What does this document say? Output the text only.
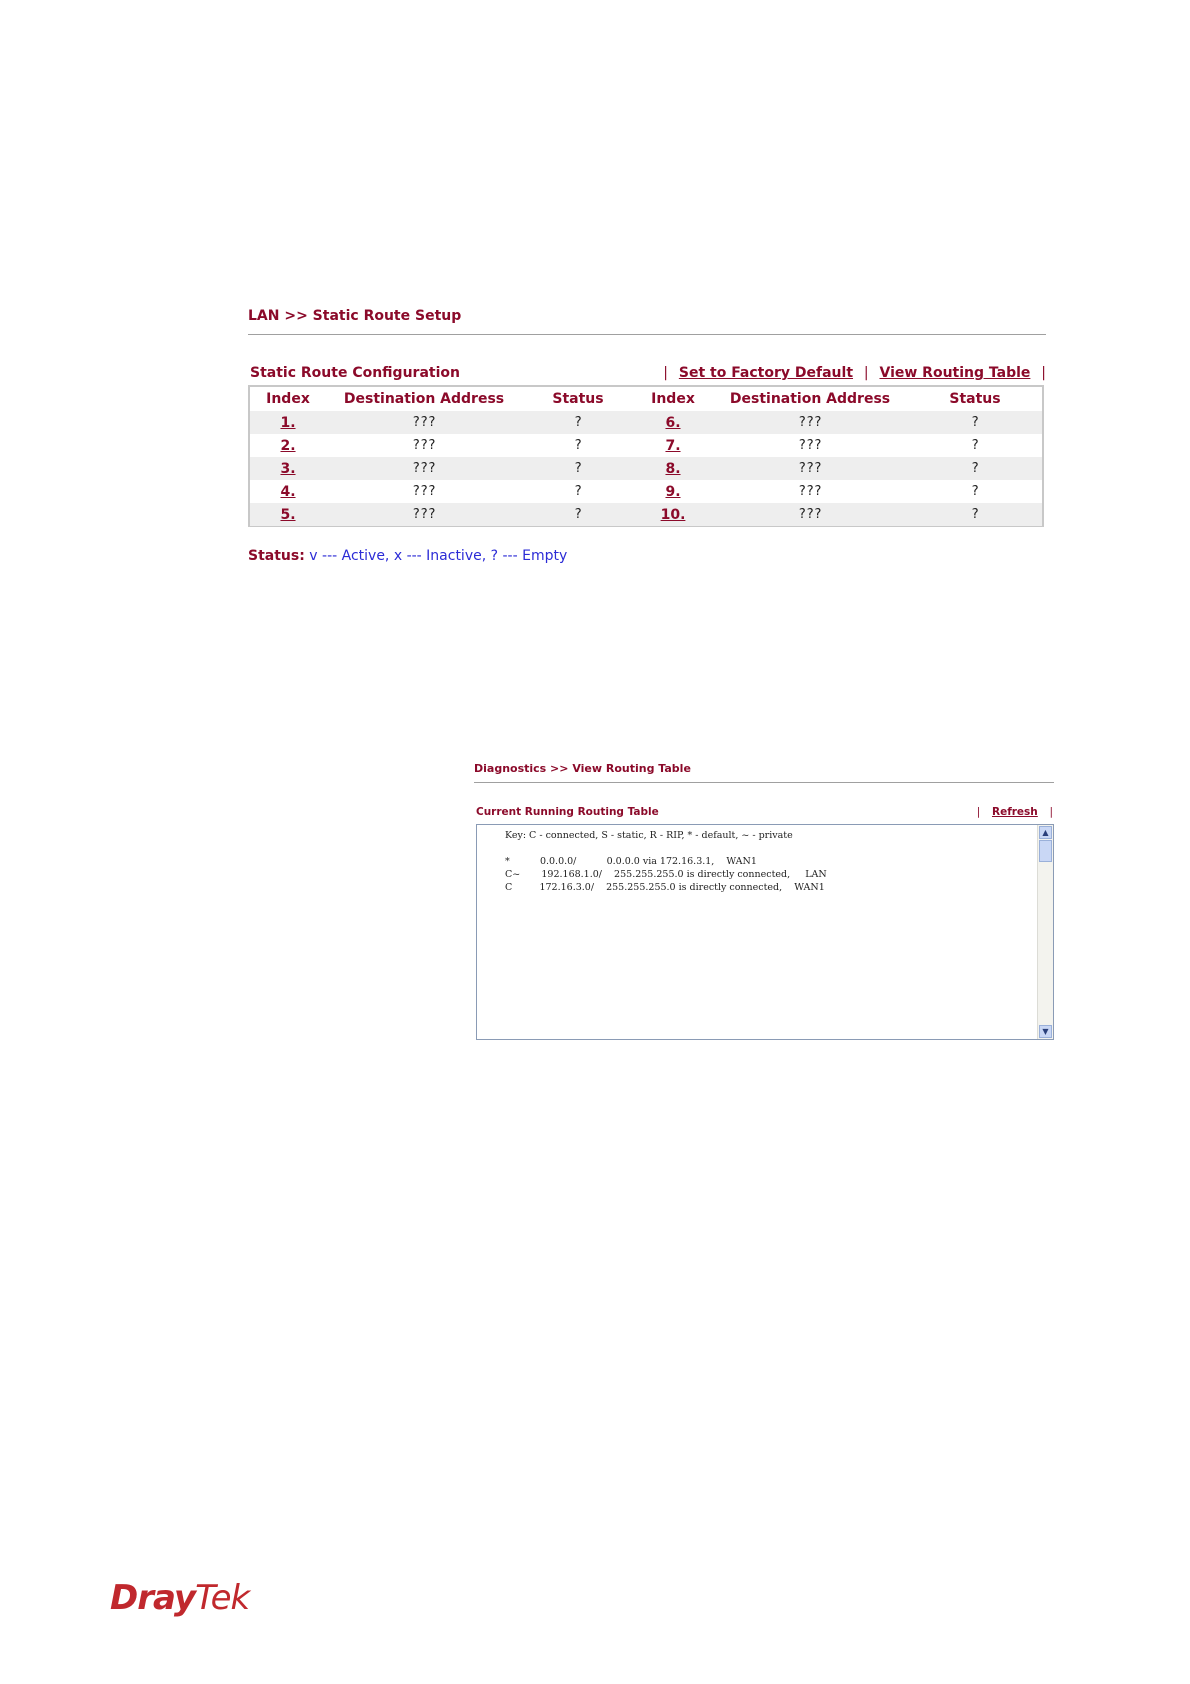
LAN >> Static Route Setup
Static Route Configuration	| Set to Factory Default | View Routing Table |
Index	Destination Address	Status	Index	Destination Address	Status
1.	???	?	6.	???	?
2.	???	?	7.	???	?
3.	???	?	8.	???	?
4.	???	?	9.	???	?
5.	???	?	10.	???	?
Status: v --- Active, x --- Inactive, ? --- Empty
Diagnostics >> View Routing Table
Current Running Routing Table	| Refresh |
Key: C - connected, S - static, R - RIP, * - default, ~ - private

*          0.0.0.0/          0.0.0.0 via 172.16.3.1,    WAN1
C~       192.168.1.0/    255.255.255.0 is directly connected,     LAN
C         172.16.3.0/    255.255.255.0 is directly connected,    WAN1
▲
▼
DrayTek
